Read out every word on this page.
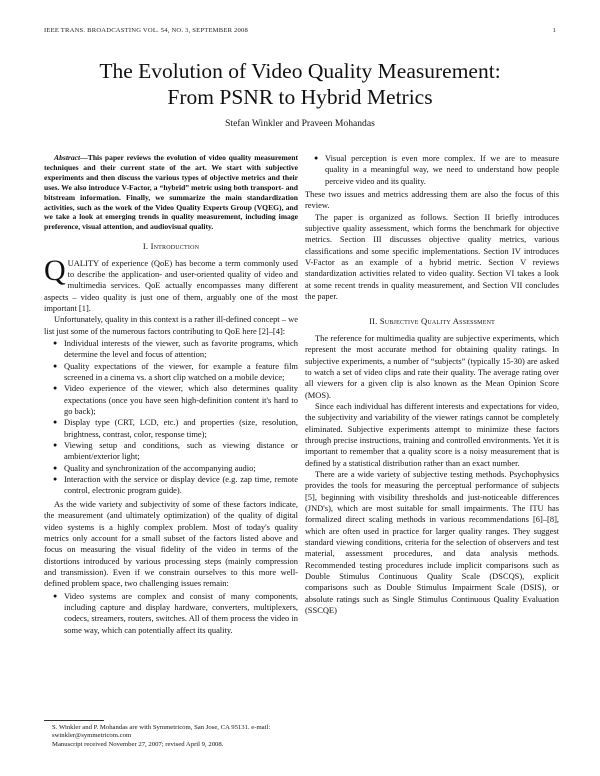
IEEE TRANS. BROADCASTING VOL. 54, NO. 3, SEPTEMBER 2008	1
The Evolution of Video Quality Measurement:
From PSNR to Hybrid Metrics
Stefan Winkler and Praveen Mohandas

Abstract—This paper reviews the evolution of video quality measurement techniques and their current state of the art. We start with subjective experiments and then discuss the various types of objective metrics and their uses. We also introduce V-Factor, a “hybrid” metric using both transport- and bitstream information. Finally, we summarize the main standardization activities, such as the work of the Video Quality Experts Group (VQEG), and we take a look at emerging trends in quality measurement, including image preference, visual attention, and audiovisual quality.

I. Introduction

QUALITY of experience (QoE) has become a term commonly used to describe the application- and user-oriented quality of video and multimedia services. QoE actually encompasses many different aspects – video quality is just one of them, arguably one of the most important [1].

Unfortunately, quality in this context is a rather ill-defined concept – we list just some of the numerous factors contributing to QoE here [2]–[4]:

● Individual interests of the viewer, such as favorite programs, which determine the level and focus of attention;
● Quality expectations of the viewer, for example a feature film screened in a cinema vs. a short clip watched on a mobile device;
● Video experience of the viewer, which also determines quality expectations (once you have seen high-definition content it's hard to go back);
● Display type (CRT, LCD, etc.) and properties (size, resolution, brightness, contrast, color, response time);
● Viewing setup and conditions, such as viewing distance or ambient/exterior light;
● Quality and synchronization of the accompanying audio;
● Interaction with the service or display device (e.g. zap time, remote control, electronic program guide).

As the wide variety and subjectivity of some of these factors indicate, the measurement (and ultimately optimization) of the quality of digital video systems is a highly complex problem. Most of today's quality metrics only account for a small subset of the factors listed above and focus on measuring the visual fidelity of the video in terms of the distortions introduced by various processing steps (mainly compression and transmission). Even if we constrain ourselves to this more well-defined problem space, two challenging issues remain:

● Video systems are complex and consist of many components, including capture and display hardware, converters, multiplexers, codecs, streamers, routers, switches. All of them process the video in some way, which can potentially affect its quality.
● Visual perception is even more complex. If we are to measure quality in a meaningful way, we need to understand how people perceive video and its quality.

These two issues and metrics addressing them are also the focus of this review.

The paper is organized as follows. Section II briefly introduces subjective quality assessment, which forms the benchmark for objective metrics. Section III discusses objective quality metrics, various classifications and some specific implementations. Section IV introduces V-Factor as an example of a hybrid metric. Section V reviews standardization activities related to video quality. Section VI takes a look at some recent trends in quality measurement, and Section VII concludes the paper.

II. Subjective Quality Assessment

The reference for multimedia quality are subjective experiments, which represent the most accurate method for obtaining quality ratings. In subjective experiments, a number of “subjects” (typically 15-30) are asked to watch a set of video clips and rate their quality. The average rating over all viewers for a given clip is also known as the Mean Opinion Score (MOS).

Since each individual has different interests and expectations for video, the subjectivity and variability of the viewer ratings cannot be completely eliminated. Subjective experiments attempt to minimize these factors through precise instructions, training and controlled environments. Yet it is important to remember that a quality score is a noisy measurement that is defined by a statistical distribution rather than an exact number.

There are a wide variety of subjective testing methods. Psychophysics provides the tools for measuring the perceptual performance of subjects [5], beginning with visibility thresholds and just-noticeable differences (JND's), which are most suitable for small impairments. The ITU has formalized direct scaling methods in various recommendations [6]–[8], which are often used in practice for larger quality ranges. They suggest standard viewing conditions, criteria for the selection of observers and test material, assessment procedures, and data analysis methods. Recommended testing procedures include implicit comparisons such as Double Stimulus Continuous Quality Scale (DSCQS), explicit comparisons such as Double Stimulus Impairment Scale (DSIS), or absolute ratings such as Single Stimulus Continuous Quality Evaluation (SSCQE)

S. Winkler and P. Mohandas are with Symmetricom, San Jose, CA 95131. e-mail: swinkler@symmetricom.com
Manuscript received November 27, 2007; revised April 9, 2008.
